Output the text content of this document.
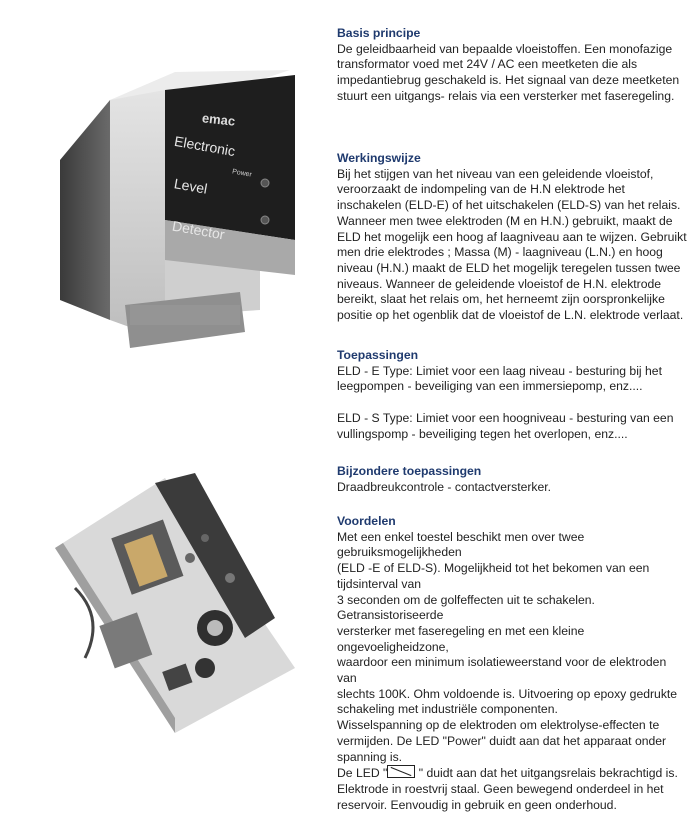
emac
Electronic
Power
Level
Detector
Basis principe

De geleidbaarheid van bepaalde vloeistoffen. Een monofazige

transformator voed met 24V / AC een meetketen die als

impedantiebrug geschakeld is. Het signaal van deze meetketen

stuurt een uitgangs- relais via een versterker met faseregeling.

Werkingswijze

Bij het stijgen van het niveau van een geleidende vloeistof,

veroorzaakt de indompeling van de H.N elektrode het

inschakelen (ELD-E) of het uitschakelen (ELD-S) van het relais.

Wanneer men twee elektroden (M en H.N.) gebruikt, maakt de

ELD het mogelijk een hoog af laagniveau aan te wijzen. Gebruikt

men drie elektrodes ; Massa (M) - laagniveau (L.N.) en hoog

niveau (H.N.) maakt de ELD het mogelijk teregelen tussen twee

niveaus. Wanneer de geleidende vloeistof de H.N. elektrode

bereikt, slaat het relais om, het herneemt zijn oorspronkelijke

positie op het ogenblik dat de vloeistof de L.N. elektrode verlaat.

Toepassingen

ELD - E Type: Limiet voor een laag niveau - besturing bij het

leegpompen - beveiliging van een immersiepomp, enz....

ELD - S Type: Limiet voor een hoogniveau - besturing van een

vullingspomp - beveiliging tegen het overlopen, enz....

Bijzondere toepassingen

Draadbreukcontrole - contactversterker.

Voordelen

Met een enkel toestel beschikt men over twee

gebruiksmogelijkheden

(ELD -E of ELD-S). Mogelijkheid tot het bekomen van een

tijdsinterval van

3 seconden om de golfeffecten uit te schakelen.

Getransistoriseerde

versterker met faseregeling en met een kleine

ongevoeligheidzone,

waardoor een minimum isolatieweerstand voor de elektroden

van

slechts 100K. Ohm voldoende is. Uitvoering op epoxy gedrukte

schakeling met industriële componenten.

Wisselspanning op de elektroden om elektrolyse-effecten te

vermijden. De LED "Power" duidt aan dat het apparaat onder

spanning is.

De LED " " duidt aan dat het uitgangsrelais bekrachtigd is.

Elektrode in roestvrij staal. Geen bewegend onderdeel in het

reservoir. Eenvoudig in gebruik en geen onderhoud.
